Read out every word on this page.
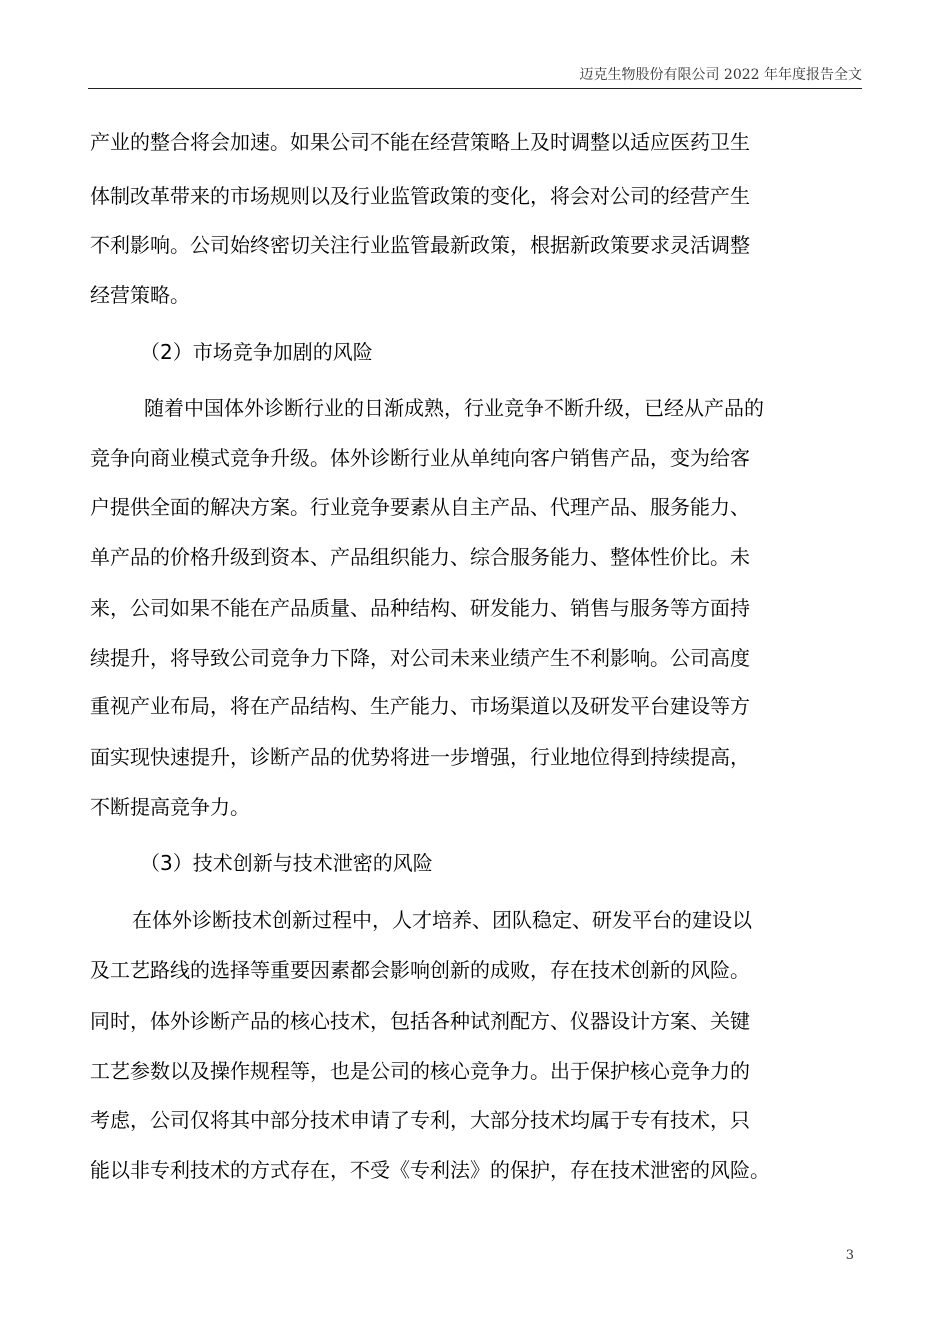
迈克生物股份有限公司 2022 年年度报告全文
产业的整合将会加速。如果公司不能在经营策略上及时调整以适应医药卫生
体制改革带来的市场规则以及行业监管政策的变化，将会对公司的经营产生
不利影响。公司始终密切关注行业监管最新政策，根据新政策要求灵活调整
经营策略。
（2）市场竞争加剧的风险
随着中国体外诊断行业的日渐成熟，行业竞争不断升级，已经从产品的
竞争向商业模式竞争升级。体外诊断行业从单纯向客户销售产品，变为给客
户提供全面的解决方案。行业竞争要素从自主产品、代理产品、服务能力、
单产品的价格升级到资本、产品组织能力、综合服务能力、整体性价比。未
来，公司如果不能在产品质量、品种结构、研发能力、销售与服务等方面持
续提升，将导致公司竞争力下降，对公司未来业绩产生不利影响。公司高度
重视产业布局，将在产品结构、生产能力、市场渠道以及研发平台建设等方
面实现快速提升，诊断产品的优势将进一步增强，行业地位得到持续提高，
不断提高竞争力。
（3）技术创新与技术泄密的风险
在体外诊断技术创新过程中，人才培养、团队稳定、研发平台的建设以
及工艺路线的选择等重要因素都会影响创新的成败，存在技术创新的风险。
同时，体外诊断产品的核心技术，包括各种试剂配方、仪器设计方案、关键
工艺参数以及操作规程等，也是公司的核心竞争力。出于保护核心竞争力的
考虑，公司仅将其中部分技术申请了专利，大部分技术均属于专有技术，只
能以非专利技术的方式存在，不受《专利法》的保护，存在技术泄密的风险。
3
